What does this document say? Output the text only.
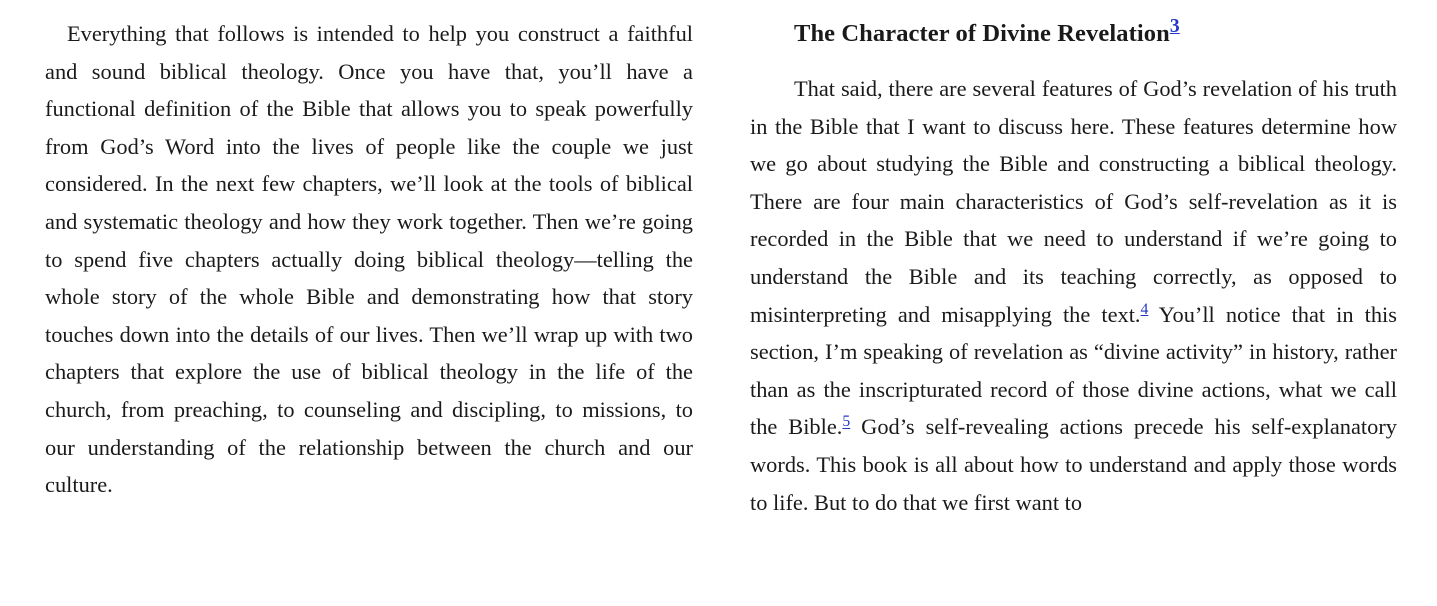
Everything that follows is intended to help you construct a faithful and sound biblical theology. Once you have that, you’ll have a functional definition of the Bible that allows you to speak powerfully from God’s Word into the lives of people like the couple we just considered. In the next few chapters, we’ll look at the tools of biblical and systematic theology and how they work together. Then we’re going to spend five chapters actually doing biblical theology—telling the whole story of the whole Bible and demonstrating how that story touches down into the details of our lives. Then we’ll wrap up with two chapters that explore the use of biblical theology in the life of the church, from preaching, to counseling and discipling, to missions, to our understanding of the relationship between the church and our culture.

The Character of Divine Revelation$^3$

That said, there are several features of God’s revelation of his truth in the Bible that I want to discuss here. These features determine how we go about studying the Bible and constructing a biblical theology. There are four main characteristics of God’s self-revelation as it is recorded in the Bible that we need to understand if we’re going to understand the Bible and its teaching correctly, as opposed to misinterpreting and misapplying the text.$^4$ You’ll notice that in this section, I’m speaking of revelation as “divine activity” in history, rather than as the inscripturated record of those divine actions, what we call the Bible.$^5$ God’s self-revealing actions precede his self-explanatory words. This book is all about how to understand and apply those words to life. But to do that we first want to
